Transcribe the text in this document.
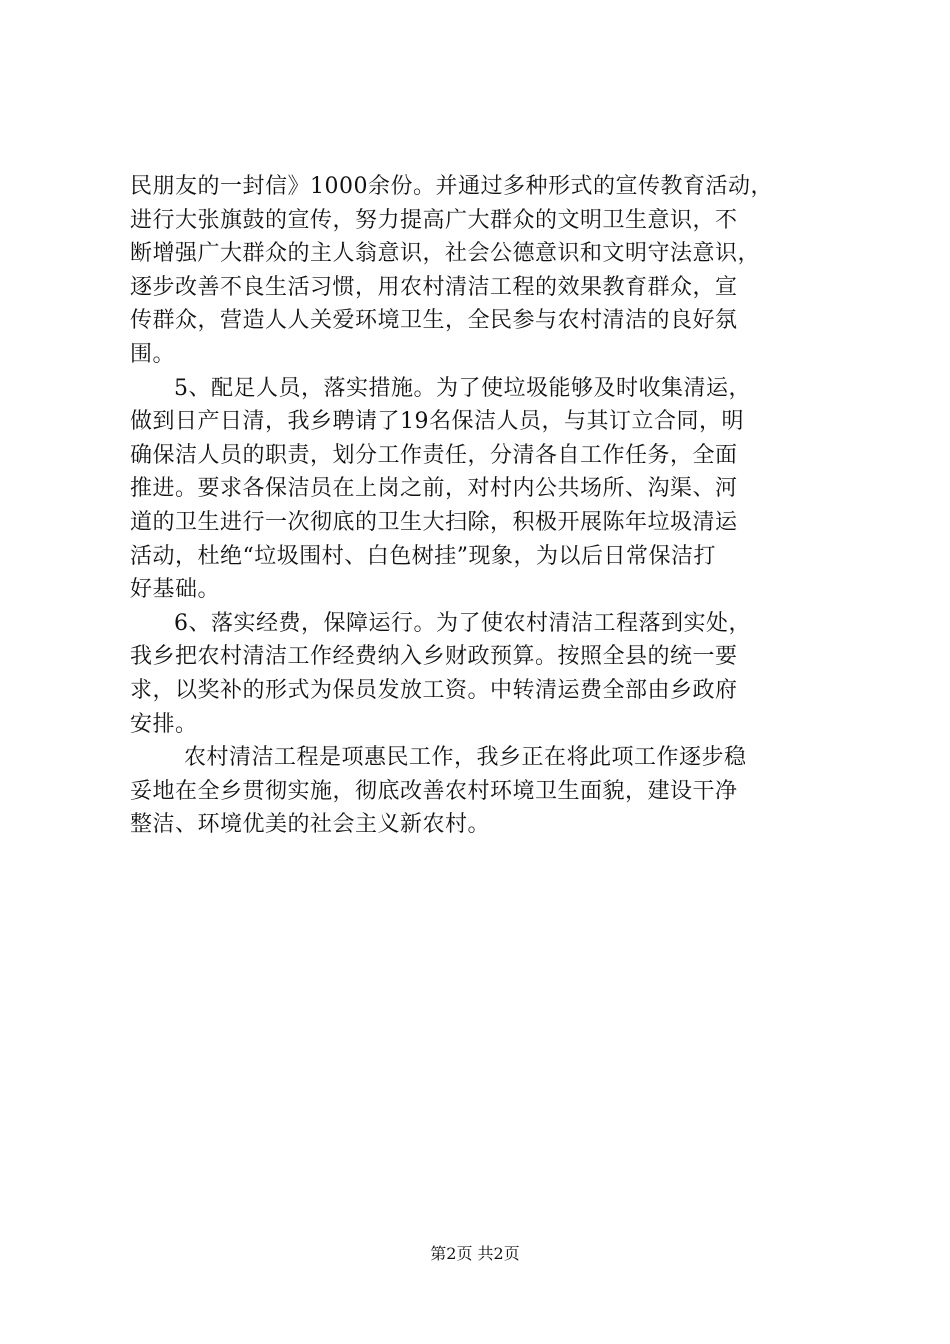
民朋友的一封信》1000余份。并通过多种形式的宣传教育活动，
进行大张旗鼓的宣传，努力提高广大群众的文明卫生意识，不
断增强广大群众的主人翁意识，社会公德意识和文明守法意识，
逐步改善不良生活习惯，用农村清洁工程的效果教育群众，宣
传群众，营造人人关爱环境卫生，全民参与农村清洁的良好氛
围。
5、配足人员，落实措施。为了使垃圾能够及时收集清运，
做到日产日清，我乡聘请了19名保洁人员，与其订立合同，明
确保洁人员的职责，划分工作责任，分清各自工作任务，全面
推进。要求各保洁员在上岗之前，对村内公共场所、沟渠、河
道的卫生进行一次彻底的卫生大扫除，积极开展陈年垃圾清运
活动，杜绝“垃圾围村、白色树挂”现象，为以后日常保洁打
好基础。
6、落实经费，保障运行。为了使农村清洁工程落到实处，
我乡把农村清洁工作经费纳入乡财政预算。按照全县的统一要
求，以奖补的形式为保员发放工资。中转清运费全部由乡政府
安排。
农村清洁工程是项惠民工作，我乡正在将此项工作逐步稳
妥地在全乡贯彻实施，彻底改善农村环境卫生面貌，建设干净
整洁、环境优美的社会主义新农村。
第2页 共2页
